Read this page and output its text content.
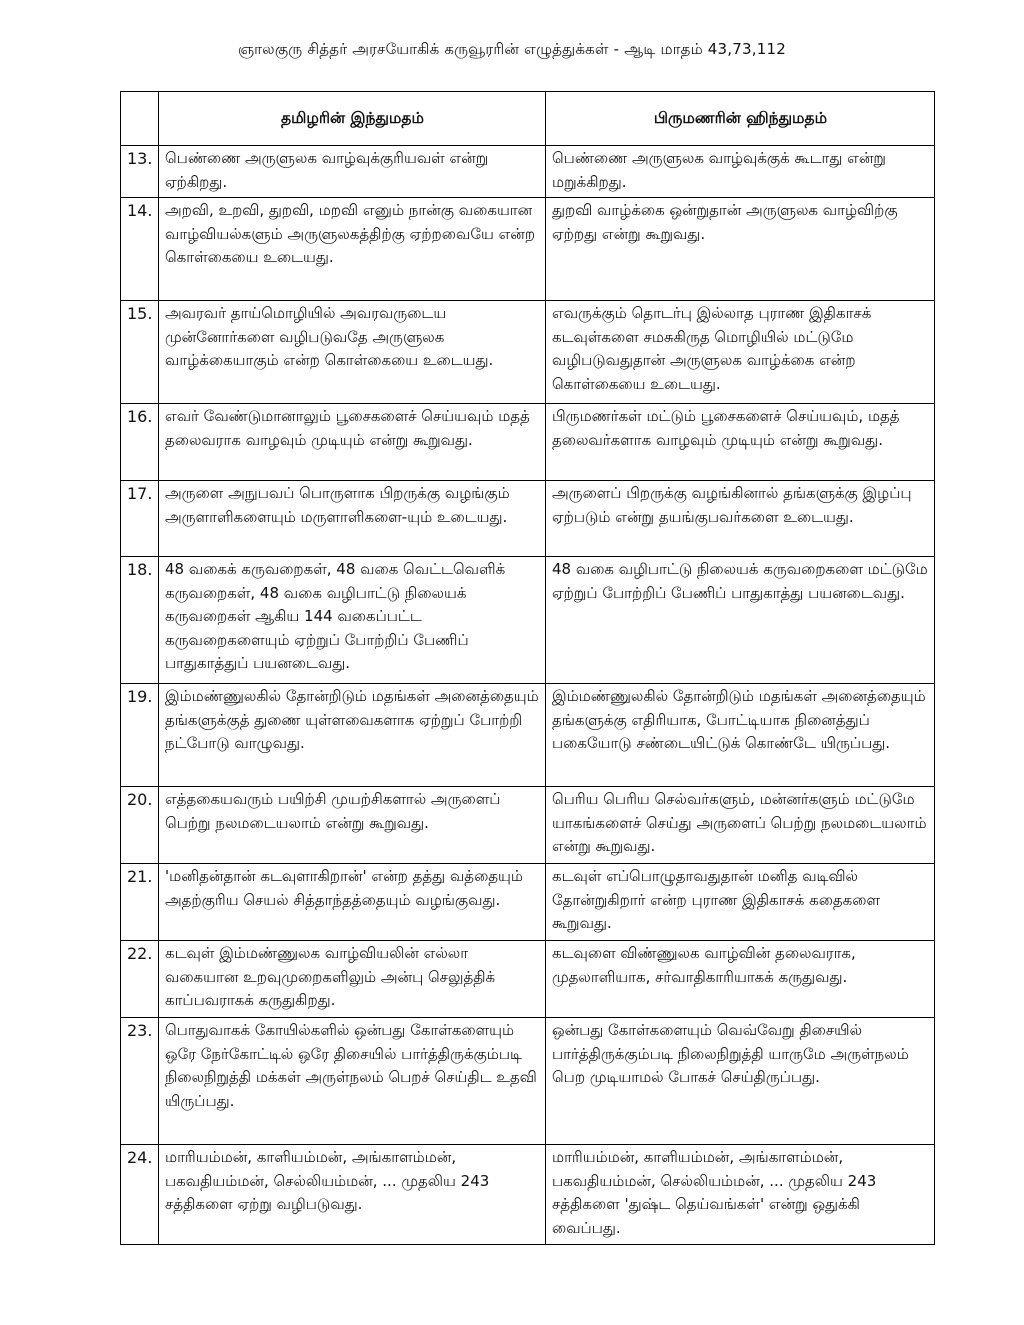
ஞாலகுரு சித்தர் அரசயோகிக் கருவூரரின் எழுத்துக்கள் - ஆடி மாதம் 43,73,112
	தமிழரின் இந்துமதம்	பிருமணரின் ஹிந்துமதம்
13.	பெண்ணை அருளுலக வாழ்வுக்குரியவள் என்று ஏற்கிறது.	பெண்ணை அருளுலக வாழ்வுக்குக் கூடாது என்று மறுக்கிறது.
14.	அறவி, உறவி, துறவி, மறவி எனும் நான்கு வகையான வாழ்வியல்களும் அருளுலகத்திற்கு ஏற்றவையே என்ற கொள்கையை உடையது.	துறவி வாழ்க்கை ஒன்றுதான் அருளுலக வாழ்விற்கு ஏற்றது என்று கூறுவது.
15.	அவரவர் தாய்மொழியில் அவரவருடைய முன்னோர்களை வழிபடுவதே அருளுலக வாழ்க்கையாகும் என்ற கொள்கையை உடையது.	எவருக்கும் தொடர்பு இல்லாத புராண இதிகாசக் கடவுள்களை சமசுகிருத மொழியில் மட்டுமே வழிபடுவதுதான் அருளுலக வாழ்க்கை என்ற கொள்கையை உடையது.
16.	எவர் வேண்டுமானாலும் பூசைகளைச் செய்யவும் மதத் தலைவராக வாழவும் முடியும் என்று கூறுவது.	பிருமணர்கள் மட்டும் பூசைகளைச் செய்யவும், மதத் தலைவர்களாக வாழவும் முடியும் என்று கூறுவது.
17.	அருளை அநுபவப் பொருளாக பிறருக்கு வழங்கும் அருளாளிகளையும் மருளாளிகளை-யும் உடையது.	அருளைப் பிறருக்கு வழங்கினால் தங்களுக்கு இழப்பு ஏற்படும் என்று தயங்குபவர்களை உடையது.
18.	48 வகைக் கருவறைகள், 48 வகை வெட்டவெளிக் கருவறைகள், 48 வகை வழிபாட்டு நிலையக் கருவறைகள் ஆகிய 144 வகைப்பட்ட கருவறைகளையும் ஏற்றுப் போற்றிப் பேணிப் பாதுகாத்துப் பயனடைவது.	48 வகை வழிபாட்டு நிலையக் கருவறைகளை மட்டுமே ஏற்றுப் போற்றிப் பேணிப் பாதுகாத்து பயனடைவது.
19.	இம்மண்ணுலகில் தோன்றிடும் மதங்கள் அனைத்தையும் தங்களுக்குத் துணை யுள்ளவைகளாக ஏற்றுப் போற்றி நட்போடு வாழுவது.	இம்மண்ணுலகில் தோன்றிடும் மதங்கள் அனைத்தையும் தங்களுக்கு எதிரியாக, போட்டியாக நினைத்துப் பகையோடு சண்டையிட்டுக் கொண்டே யிருப்பது.
20.	எத்தகையவரும் பயிற்சி முயற்சிகளால் அருளைப் பெற்று நலமடையலாம் என்று கூறுவது.	பெரிய பெரிய செல்வர்களும், மன்னர்களும் மட்டுமே யாகங்களைச் செய்து அருளைப் பெற்று நலமடையலாம் என்று கூறுவது.
21.	'மனிதன்தான் கடவுளாகிறான்' என்ற தத்து வத்தையும் அதற்குரிய செயல் சித்தாந்தத்தையும் வழங்குவது.	கடவுள் எப்பொழுதாவதுதான் மனித வடிவில் தோன்றுகிறார் என்ற புராண இதிகாசக் கதைகளை கூறுவது.
22.	கடவுள் இம்மண்ணுலக வாழ்வியலின் எல்லா வகையான உறவுமுறைகளிலும் அன்பு செலுத்திக் காப்பவராகக் கருதுகிறது.	கடவுளை விண்ணுலக வாழ்வின் தலைவராக, முதலாளியாக, சர்வாதிகாரியாகக் கருதுவது.
23.	பொதுவாகக் கோயில்களில் ஒன்பது கோள்களையும் ஒரே நேர்கோட்டில் ஒரே திசையில் பார்த்திருக்கும்படி நிலைநிறுத்தி மக்கள் அருள்நலம் பெறச் செய்திட உதவி யிருப்பது.	ஒன்பது கோள்களையும் வெவ்வேறு திசையில் பார்த்திருக்கும்படி நிலைநிறுத்தி யாருமே அருள்நலம் பெற முடியாமல் போகச் செய்திருப்பது.
24.	மாரியம்மன், காளியம்மன், அங்காளம்மன், பகவதியம்மன், செல்லியம்மன், ... முதலிய 243 சத்திகளை ஏற்று வழிபடுவது.	மாரியம்மன், காளியம்மன், அங்காளம்மன், பகவதியம்மன், செல்லியம்மன், ... முதலிய 243 சத்திகளை 'துஷ்ட தெய்வங்கள்' என்று ஒதுக்கி வைப்பது.
